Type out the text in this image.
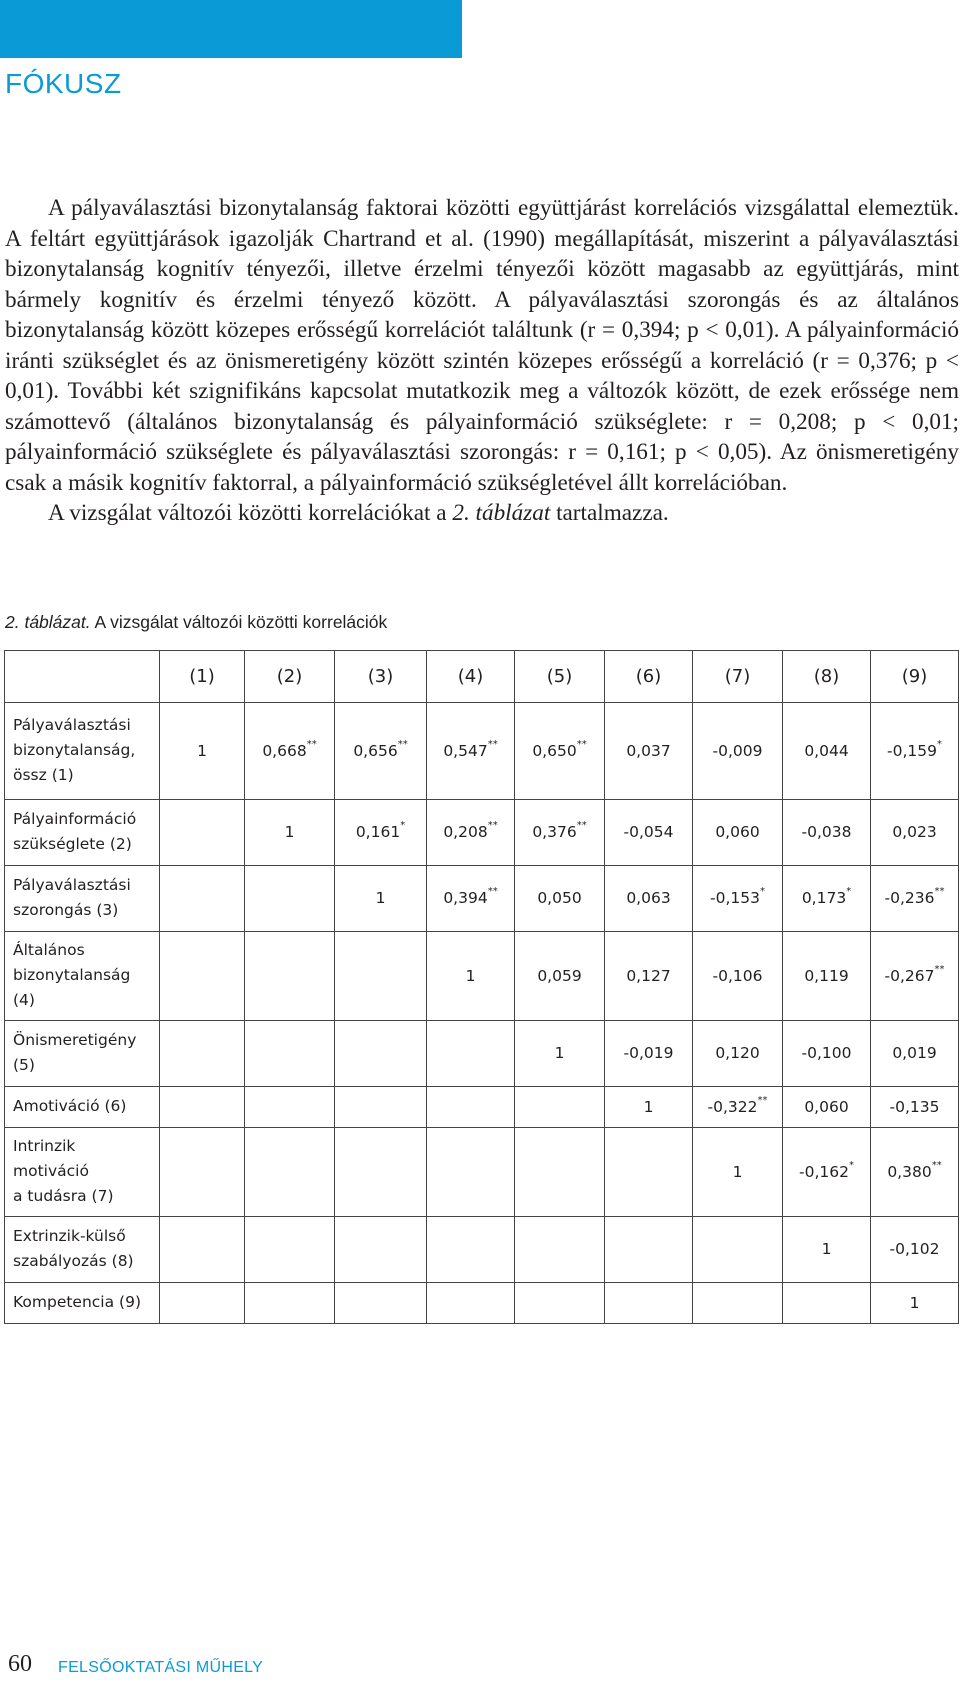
FÓKUSZ

A pályaválasztási bizonytalanság faktorai közötti együttjárást korrelációs vizsgálattal elemeztük. A feltárt együttjárások igazolják Chartrand et al. (1990) megállapítását, miszerint a pályaválasztási bizonytalanság kognitív tényezői, illetve érzelmi tényezői között magasabb az együttjárás, mint bármely kognitív és érzelmi tényező között. A pályaválasztási szorongás és az általános bizonytalanság között közepes erősségű korrelációt találtunk (r = 0,394; p < 0,01). A pályainformáció iránti szükséglet és az önismeretigény között szintén közepes erősségű a korreláció (r = 0,376; p < 0,01). További két szignifikáns kapcsolat mutatkozik meg a változók között, de ezek erőssége nem számottevő (általános bizonytalanság és pályainformáció szükséglete: r = 0,208; p < 0,01; pályainformáció szükséglete és pályaválasztási szorongás: r = 0,161; p < 0,05). Az önismeretigény csak a másik kognitív faktorral, a pályainformáció szükségletével állt korrelációban.

A vizsgálat változói közötti korrelációkat a 2. táblázat tartalmazza.

2. táblázat. A vizsgálat változói közötti korrelációk
	(1)	(2)	(3)	(4)	(5)	(6)	(7)	(8)	(9)
Pályaválasztási
bizonytalanság,
össz (1)	1	0,668**	0,656**	0,547**	0,650**	0,037	-0,009	0,044	-0,159*
Pályainformáció
szükséglete (2)		1	0,161*	0,208**	0,376**	-0,054	0,060	-0,038	0,023
Pályaválasztási
szorongás (3)			1	0,394**	0,050	0,063	-0,153*	0,173*	-0,236**
Általános
bizonytalanság
(4)				1	0,059	0,127	-0,106	0,119	-0,267**
Önismeretigény
(5)					1	-0,019	0,120	-0,100	0,019
Amotiváció (6)						1	-0,322**	0,060	-0,135
Intrinzik
motiváció
a tudásra (7)							1	-0,162*	0,380**
Extrinzik-külső
szabályozás (8)								1	-0,102
Kompetencia (9)									1
60 FELSŐOKTATÁSI MŰHELY
